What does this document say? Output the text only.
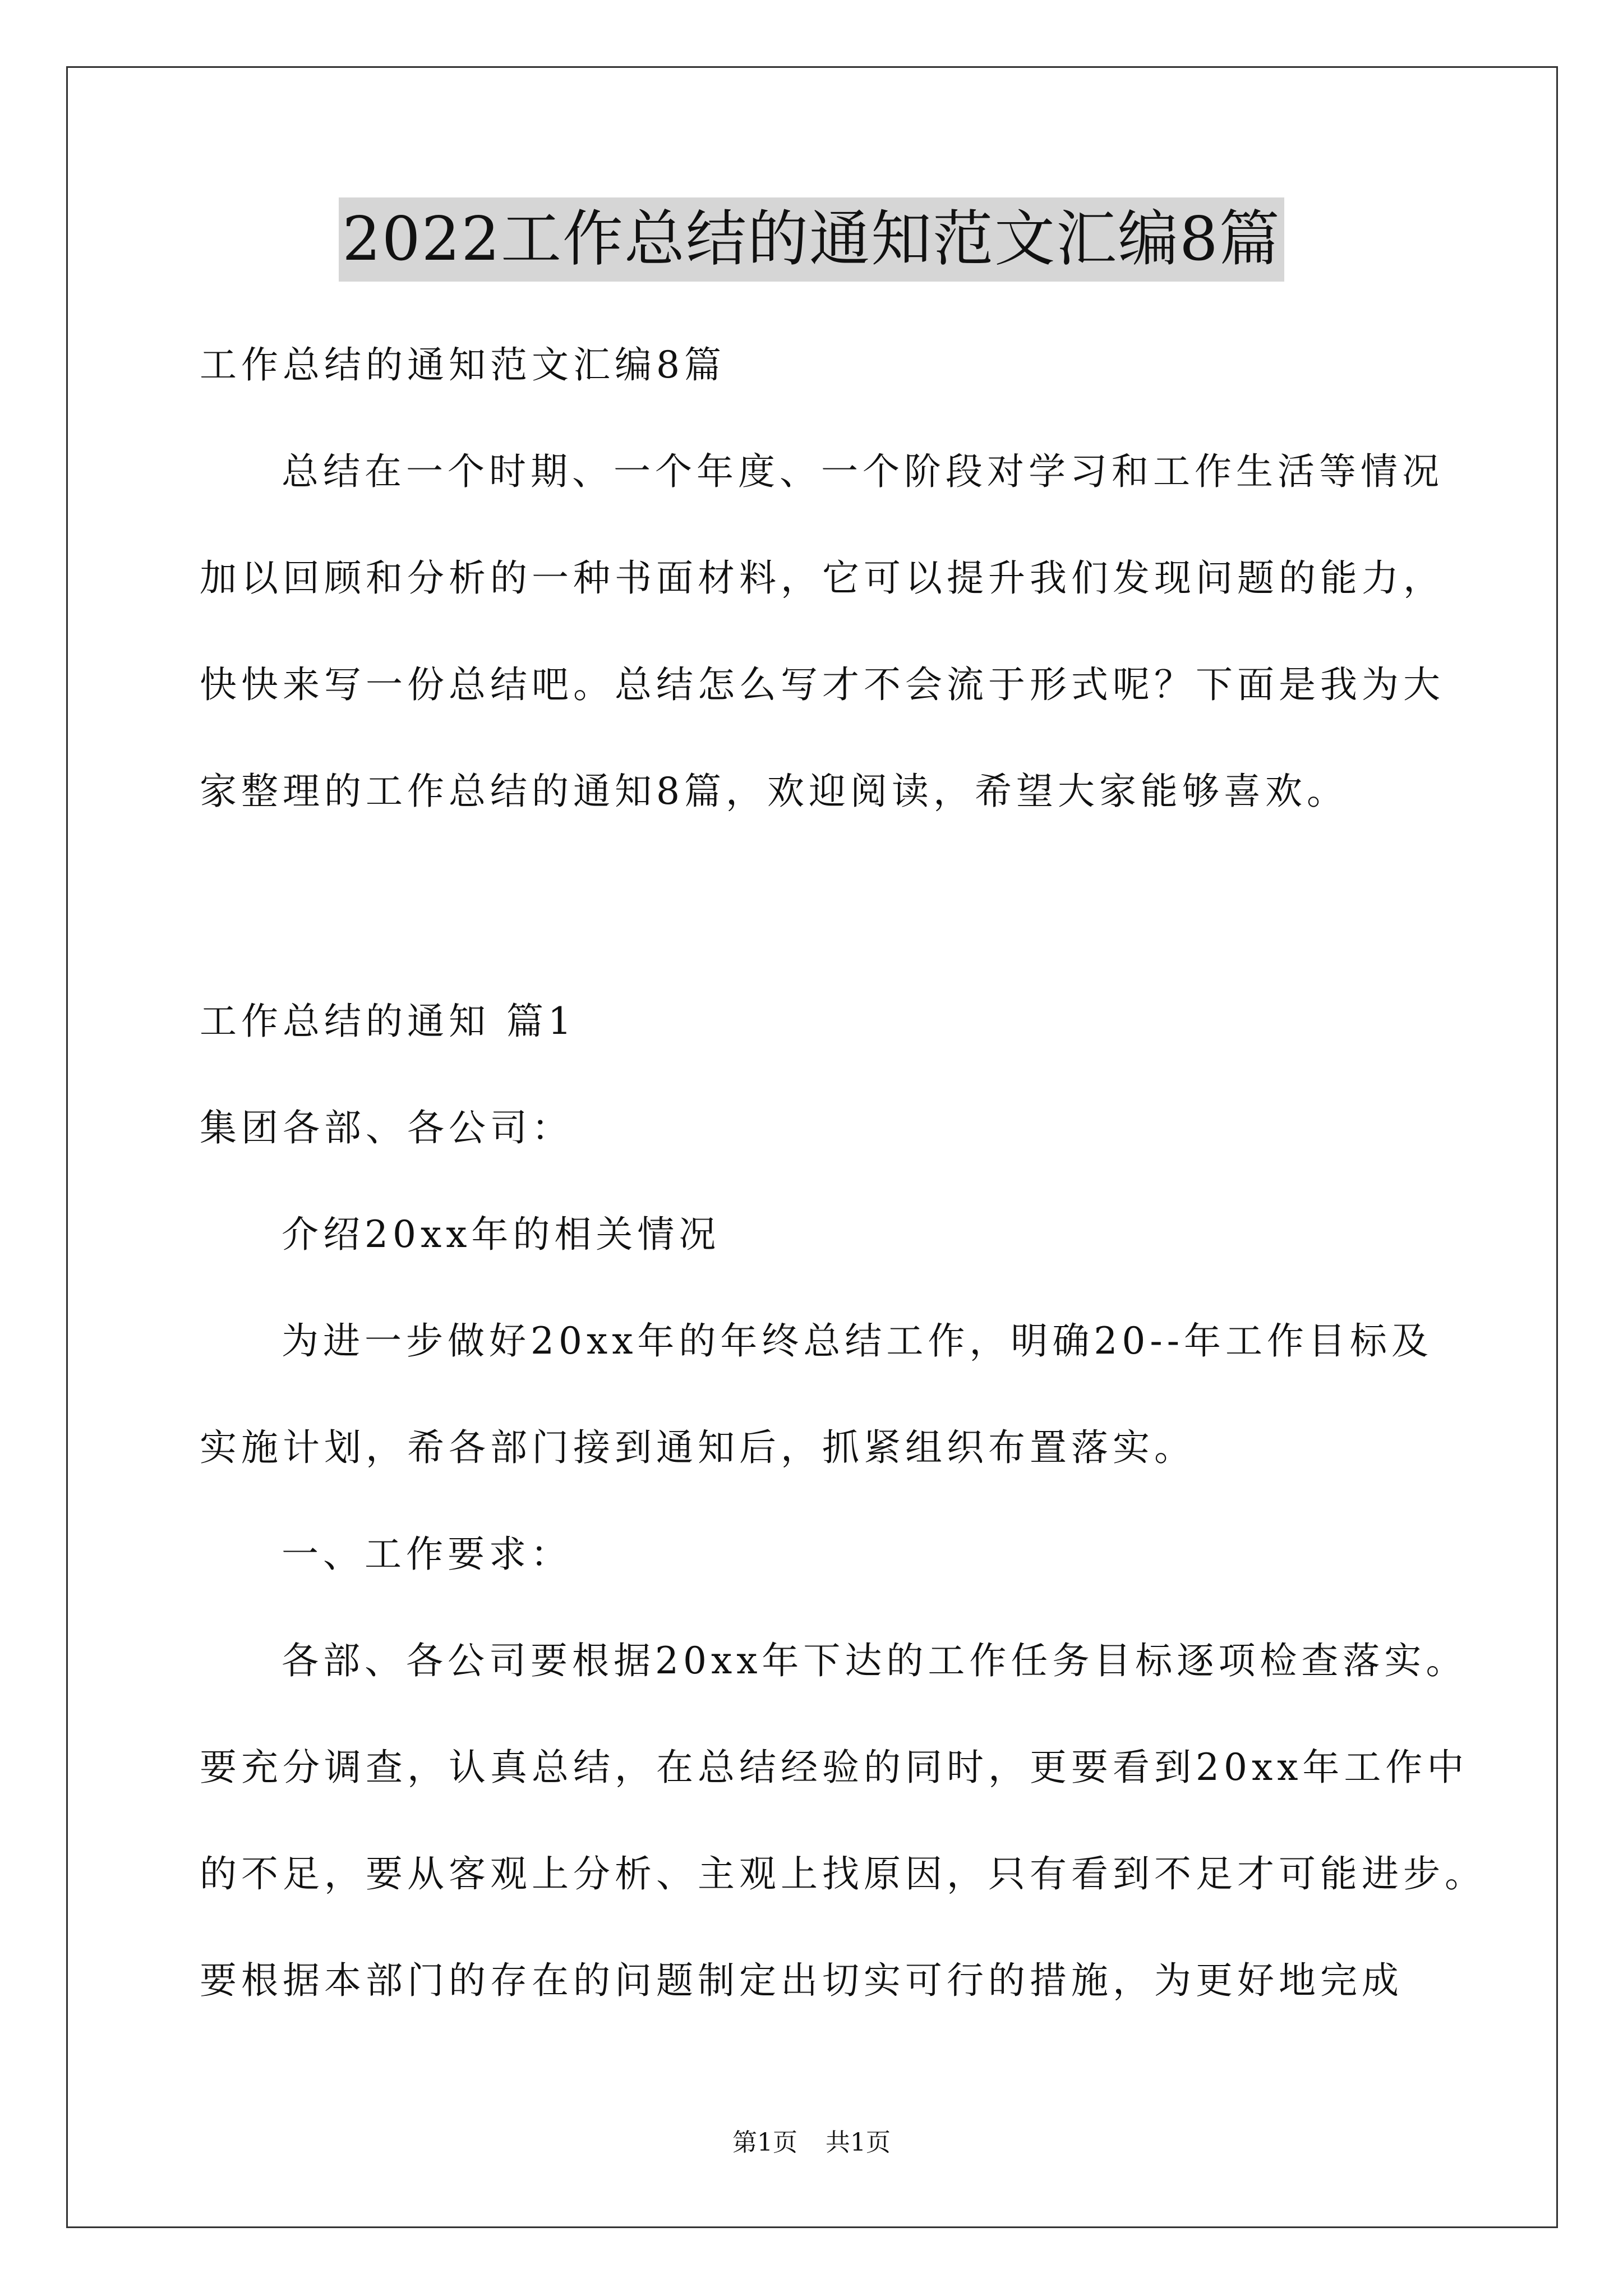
2022工作总结的通知范文汇编8篇
工作总结的通知范文汇编8篇
总结在一个时期、一个年度、一个阶段对学习和工作生活等情况
加以回顾和分析的一种书面材料，它可以提升我们发现问题的能力，
快快来写一份总结吧。总结怎么写才不会流于形式呢？下面是我为大
家整理的工作总结的通知8篇，欢迎阅读，希望大家能够喜欢。
工作总结的通知 篇1
集团各部、各公司：
介绍20xx年的相关情况
为进一步做好20xx年的年终总结工作，明确20--年工作目标及
实施计划，希各部门接到通知后，抓紧组织布置落实。
一、工作要求：
各部、各公司要根据20xx年下达的工作任务目标逐项检查落实。
要充分调查，认真总结，在总结经验的同时，更要看到20xx年工作中
的不足，要从客观上分析、主观上找原因，只有看到不足才可能进步。
要根据本部门的存在的问题制定出切实可行的措施，为更好地完成
第1页 共1页
